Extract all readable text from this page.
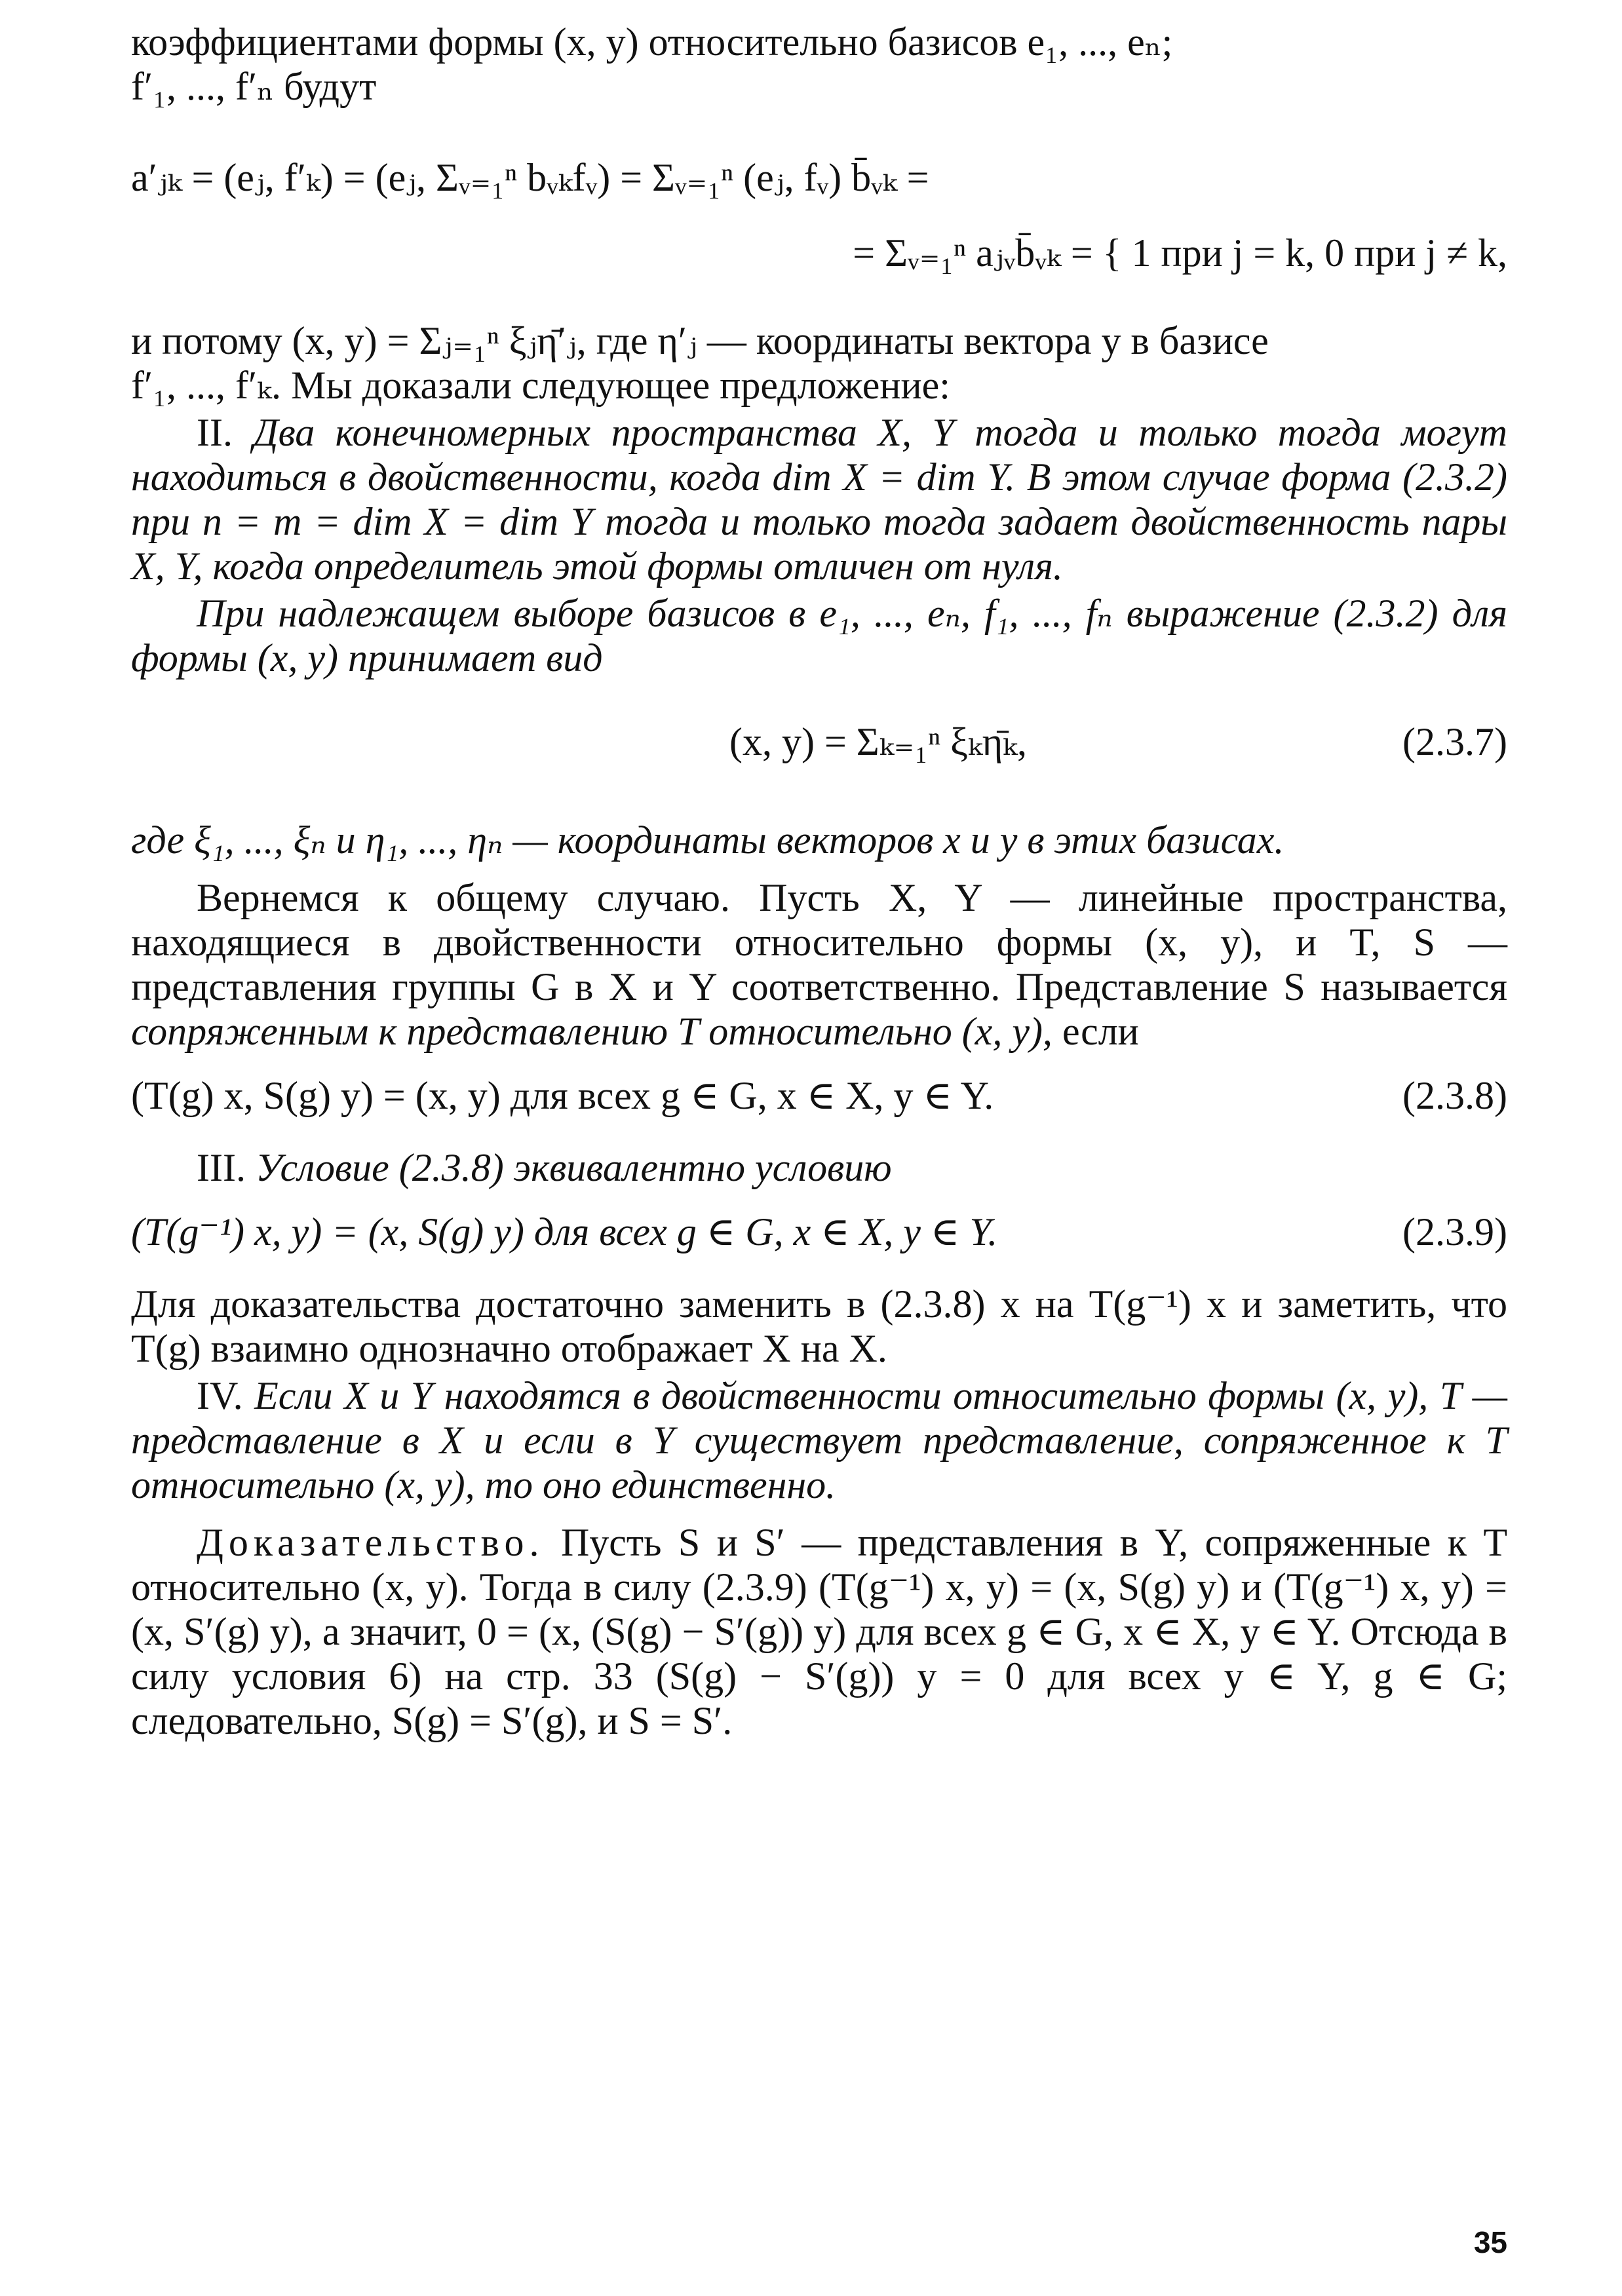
коэффициентами формы (x, y) относительно базисов e₁, ..., eₙ;
f′₁, ..., f′ₙ будут

a′ⱼₖ = (eⱼ, f′ₖ) = (eⱼ, Σᵥ₌₁ⁿ bᵥₖfᵥ) = Σᵥ₌₁ⁿ (eⱼ, fᵥ) b̄ᵥₖ =
= Σᵥ₌₁ⁿ aⱼᵥb̄ᵥₖ = { 1 при j = k, 0 при j ≠ k,

и потому (x, y) = Σⱼ₌₁ⁿ ξⱼη̄′ⱼ, где η′ⱼ — координаты вектора y в базисе
f′₁, ..., f′ₖ. Мы доказали следующее предложение:

II. Два конечномерных пространства X, Y тогда и только тогда могут находиться в двойственности, когда dim X = dim Y. В этом случае форма (2.3.2) при n = m = dim X = dim Y тогда и только тогда задает двойственность пары X, Y, когда определитель этой формы отличен от нуля.

При надлежащем выборе базисов в e₁, ..., eₙ, f₁, ..., fₙ выражение (2.3.2) для формы (x, y) принимает вид

(x, y) = Σₖ₌₁ⁿ ξₖη̄ₖ,	(2.3.7)

где ξ₁, ..., ξₙ и η₁, ..., ηₙ — координаты векторов x и y в этих базисах.

Вернемся к общему случаю. Пусть X, Y — линейные пространства, находящиеся в двойственности относительно формы (x, y), и T, S — представления группы G в X и Y соответственно. Представление S называется сопряженным к представлению T относительно (x, y), если

(T(g) x, S(g) y) = (x, y) для всех g ∈ G, x ∈ X, y ∈ Y.	(2.3.8)

III. Условие (2.3.8) эквивалентно условию

(T(g⁻¹) x, y) = (x, S(g) y) для всех g ∈ G, x ∈ X, y ∈ Y.	(2.3.9)

Для доказательства достаточно заменить в (2.3.8) x на T(g⁻¹) x и заметить, что T(g) взаимно однозначно отображает X на X.

IV. Если X и Y находятся в двойственности относительно формы (x, y), T — представление в X и если в Y существует представление, сопряженное к T относительно (x, y), то оно единственно.

Доказательство. Пусть S и S′ — представления в Y, сопряженные к T относительно (x, y). Тогда в силу (2.3.9) (T(g⁻¹) x, y) = (x, S(g) y) и (T(g⁻¹) x, y) = (x, S′(g) y), а значит, 0 = (x, (S(g) − S′(g)) y) для всех g ∈ G, x ∈ X, y ∈ Y. Отсюда в силу условия 6) на стр. 33 (S(g) − S′(g)) y = 0 для всех y ∈ Y, g ∈ G; следовательно, S(g) = S′(g), и S = S′.

35
